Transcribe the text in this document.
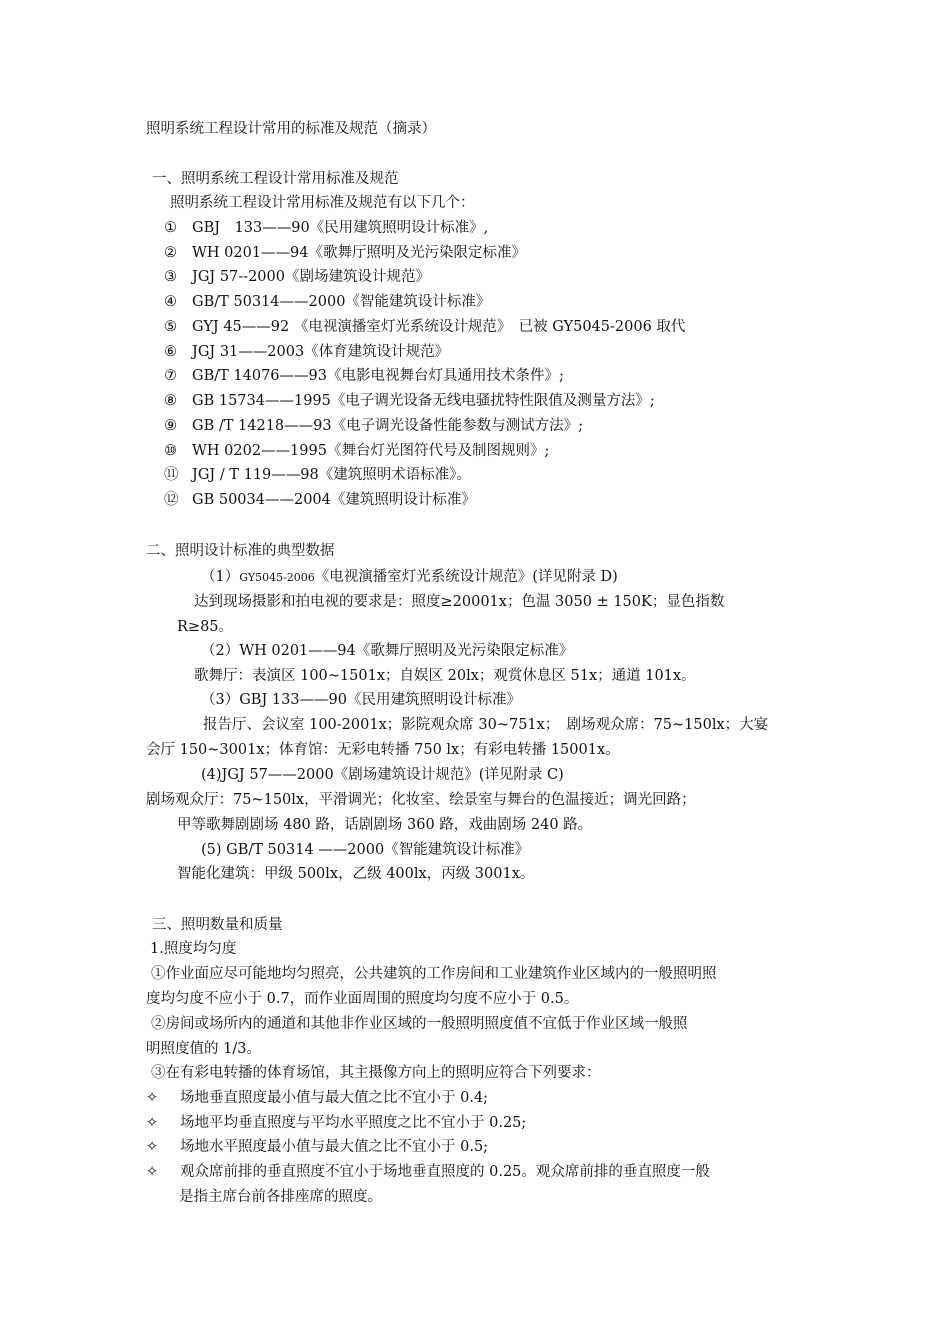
照明系统工程设计常用的标准及规范（摘录）
一、照明系统工程设计常用标准及规范
照明系统工程设计常用标准及规范有以下几个：
① GBJ　133——90《民用建筑照明设计标准》,
② WH 0201——94《歌舞厅照明及光污染限定标准》
③ JGJ 57--2000《剧场建筑设计规范》
④ GB/T 50314——2000《智能建筑设计标准》
⑤ GYJ 45——92 《电视演播室灯光系统设计规范》　已被 GY5045-2006 取代
⑥ JGJ 31——2003《体育建筑设计规范》
⑦ GB/T 14076——93《电影电视舞台灯具通用技术条件》;
⑧ GB 15734——1995《电子调光设备无线电骚扰特性限值及测量方法》;
⑨ GB /T 14218——93《电子调光设备性能参数与测试方法》;
⑩ WH 0202——1995《舞台灯光图符代号及制图规则》;
⑪ JGJ / T 119——98《建筑照明术语标准》。
⑫ GB 50034——2004《建筑照明设计标准》
二、照明设计标准的典型数据
（1）GY5045-2006《电视演播室灯光系统设计规范》(详见附录 D)
达到现场摄影和拍电视的要求是：照度≥20001x；色温 3050 ± 150K；显色指数
R≥85。
（2）WH 0201——94《歌舞厅照明及光污染限定标准》
歌舞厅：表演区 100~1501x；自娱区 20lx；观赏休息区 51x；通道 101x。
（3）GBJ 133——90《民用建筑照明设计标准》
报告厅、会议室 100-2001x；影院观众席 30~751x；　剧场观众席：75~150lx；大宴
会厅 150~3001x；体育馆：无彩电转播 750 lx；有彩电转播 15001x。
(4)JGJ 57——2000《剧场建筑设计规范》(详见附录 C)
剧场观众厅：75~150lx，平滑调光；化妆室、绘景室与舞台的色温接近；调光回路；
甲等歌舞剧剧场 480 路，话剧剧场 360 路，戏曲剧场 240 路。
(5) GB/T 50314 ——2000《智能建筑设计标准》
智能化建筑：甲级 500lx，乙级 400lx，丙级 3001x。
三、照明数量和质量
1.照度均匀度
①作业面应尽可能地均匀照亮，公共建筑的工作房间和工业建筑作业区域内的一般照明照
度均匀度不应小于 0.7，而作业面周围的照度均匀度不应小于 0.5。
②房间或场所内的通道和其他非作业区域的一般照明照度值不宜低于作业区域一般照
明照度值的 1/3。
③在有彩电转播的体育场馆，其主摄像方向上的照明应符合下列要求：
✧ 场地垂直照度最小值与最大值之比不宜小于 0.4;
✧ 场地平均垂直照度与平均水平照度之比不宜小于 0.25;
✧ 场地水平照度最小值与最大值之比不宜小于 0.5;
✧ 观众席前排的垂直照度不宜小于场地垂直照度的 0.25。观众席前排的垂直照度一般
是指主席台前各排座席的照度。
